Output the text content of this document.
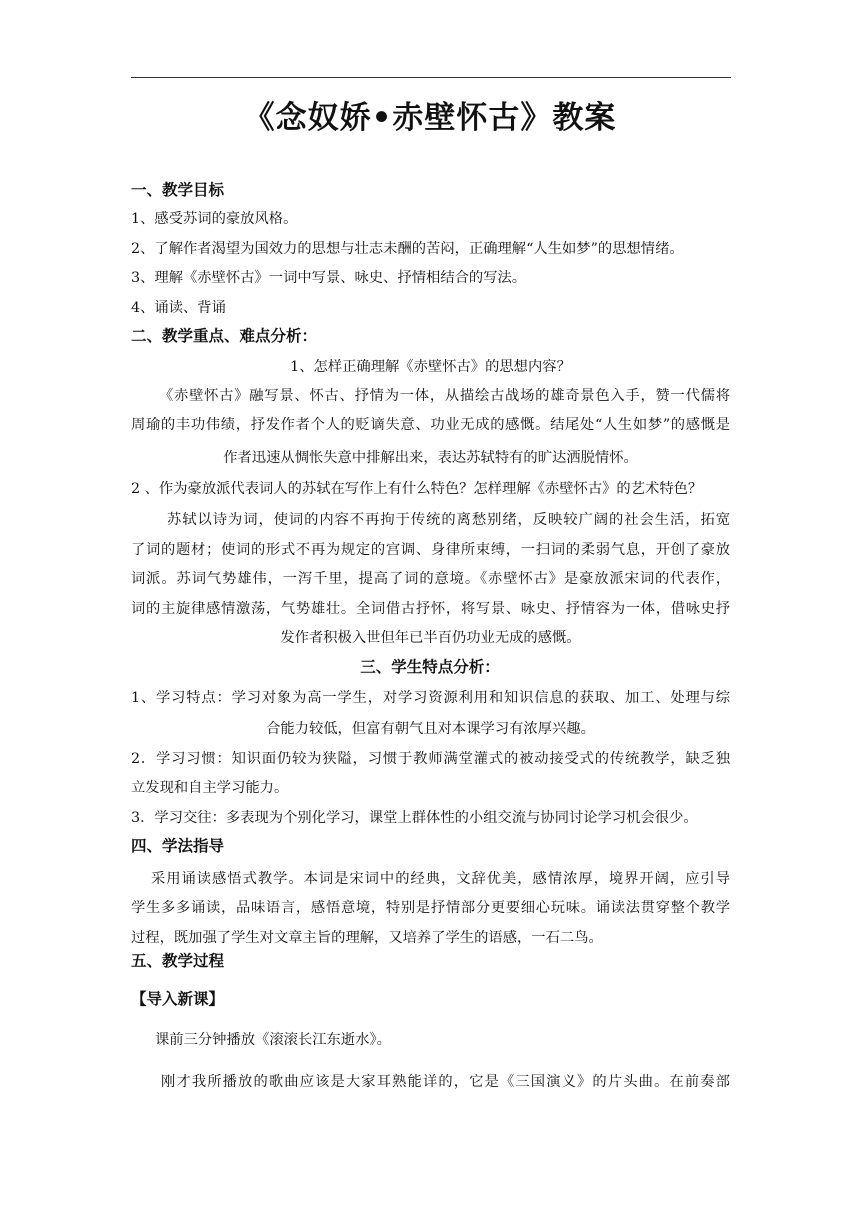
《念奴娇•赤壁怀古》教案
一、教学目标
1、感受苏词的豪放风格。
2、了解作者渴望为国效力的思想与壮志未酬的苦闷，正确理解“人生如梦”的思想情绪。
3、理解《赤壁怀古》一词中写景、咏史、抒情相结合的写法。
4、诵读、背诵
二、教学重点、难点分析：
1、怎样正确理解《赤壁怀古》的思想内容？
《赤壁怀古》融写景、怀古、抒情为一体，从描绘古战场的雄奇景色入手，赞一代儒将
周瑜的丰功伟绩，抒发作者个人的贬谪失意、功业无成的感慨。结尾处“人生如梦”的感慨是
作者迅速从惆怅失意中排解出来，表达苏轼特有的旷达洒脱情怀。
2 、作为豪放派代表词人的苏轼在写作上有什么特色？怎样理解《赤壁怀古》的艺术特色？
苏轼以诗为词，使词的内容不再拘于传统的离愁别绪，反映较广阔的社会生活，拓宽
了词的题材；使词的形式不再为规定的宫调、身律所束缚，一扫词的柔弱气息，开创了豪放
词派。苏词气势雄伟，一泻千里，提高了词的意境。《赤壁怀古》是豪放派宋词的代表作，
词的主旋律感情激荡，气势雄壮。全词借古抒怀，将写景、咏史、抒情容为一体，借咏史抒
发作者积极入世但年已半百仍功业无成的感慨。
三、学生特点分析：
1、学习特点：学习对象为高一学生，对学习资源利用和知识信息的获取、加工、处理与综
合能力较低，但富有朝气且对本课学习有浓厚兴趣。
2．学习习惯：知识面仍较为狭隘，习惯于教师满堂灌式的被动接受式的传统教学，缺乏独
立发现和自主学习能力。
3．学习交往：多表现为个别化学习，课堂上群体性的小组交流与协同讨论学习机会很少。
四、学法指导
采用诵读感悟式教学。本词是宋词中的经典，文辞优美，感情浓厚，境界开阔，应引导
学生多多诵读，品味语言，感悟意境，特别是抒情部分更要细心玩味。诵读法贯穿整个教学
过程，既加强了学生对文章主旨的理解，又培养了学生的语感，一石二鸟。
五、教学过程
【导入新课】
课前三分钟播放《滚滚长江东逝水》。
刚才我所播放的歌曲应该是大家耳熟能详的，它是《三国演义》的片头曲。在前奏部
